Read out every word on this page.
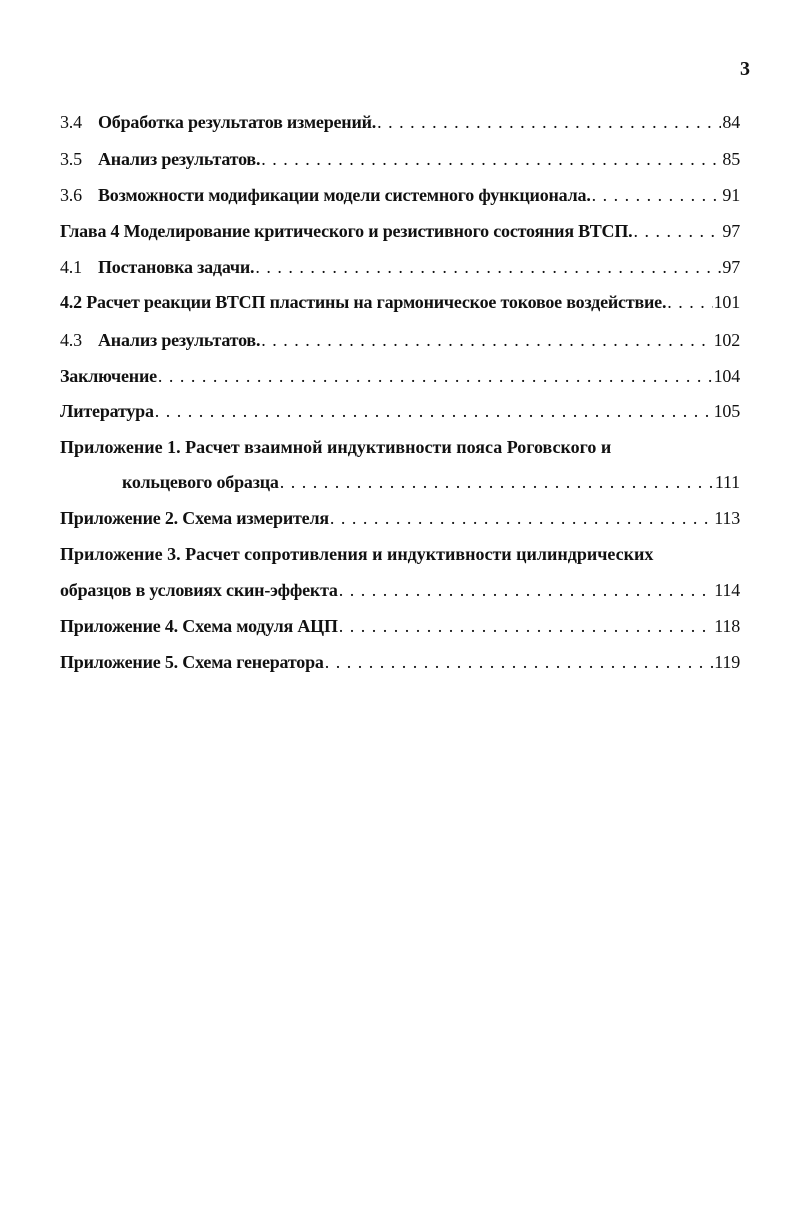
3
3.4 Обработка результатов измерений. . . .	84
3.5 Анализ результатов. . . .	85
3.6 Возможности модификации модели системного функционала. . . .	91
Глава 4 Моделирование критического и резистивного состояния ВТСП. . . .	97
4.1 Постановка задачи. . . .	97
4.2 Расчет реакции ВТСП пластины на гармоническое токовое воздействие. . . .	101
4.3 Анализ результатов. . . .	102
Заключение . . .	104
Литература . . .	105
Приложение 1. Расчет взаимной индуктивности пояса Роговского и
кольцевого образца . . .	111
Приложение 2. Схема измерителя . . .	113
Приложение 3. Расчет сопротивления и индуктивности цилиндрических
образцов в условиях скин-эффекта . . .	114
Приложение 4. Схема модуля АЦП . . .	118
Приложение 5. Схема генератора . . .	119
